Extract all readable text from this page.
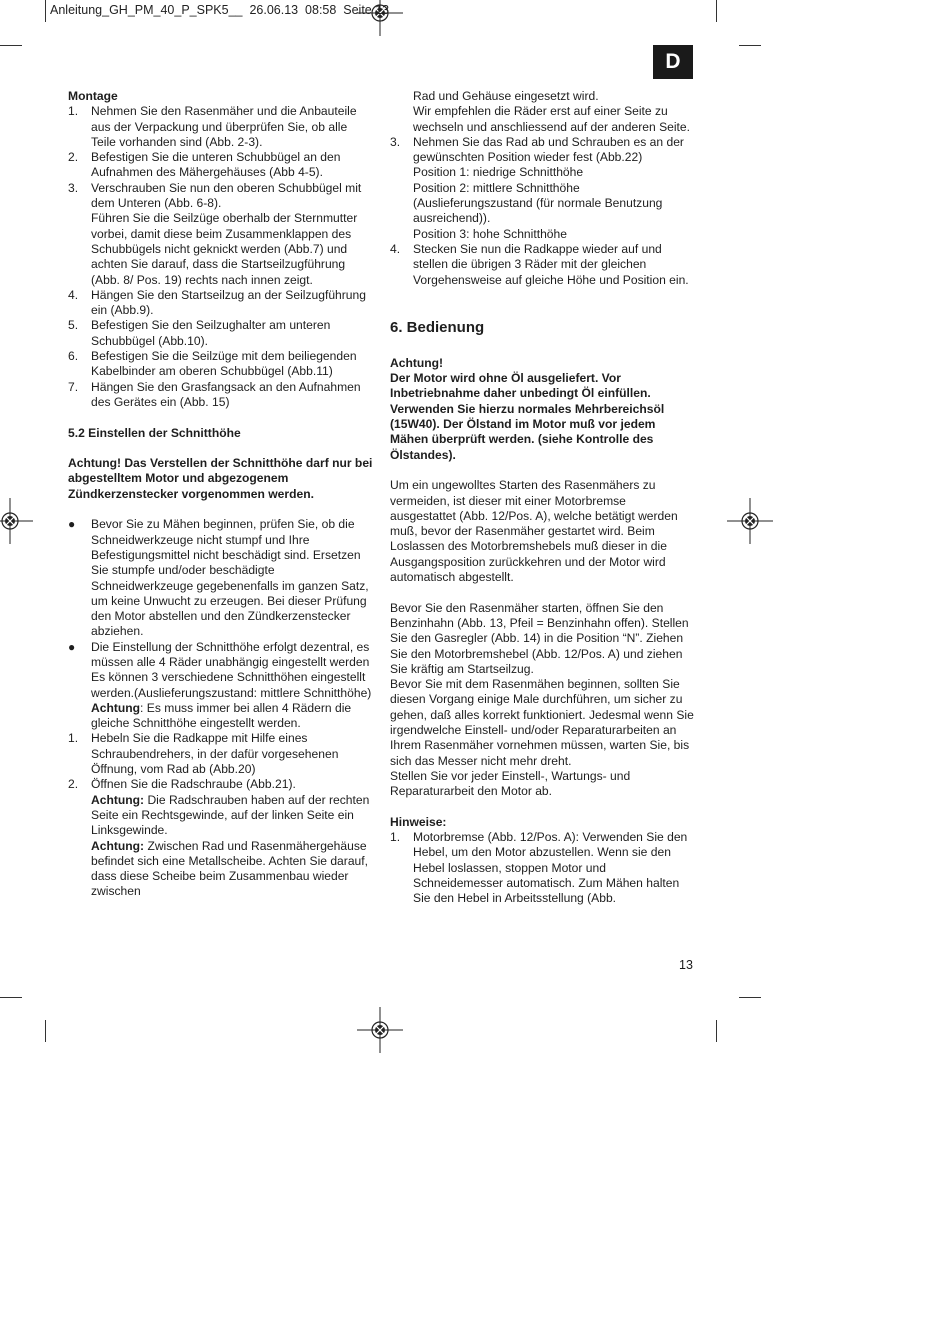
Anleitung_GH_PM_40_P_SPK5__  26.06.13  08:58  Seite 13
D

Montage

1.	Nehmen Sie den Rasenmäher und die Anbauteile aus der Verpackung und überprüfen Sie, ob alle Teile vorhanden sind (Abb. 2-3).
2.	Befestigen Sie die unteren Schubbügel an den Aufnahmen des Mähergehäuses (Abb 4-5).
3.	Verschrauben Sie nun den oberen Schubbügel mit dem Unteren (Abb. 6-8).
Führen Sie die Seilzüge oberhalb der Sternmutter vorbei, damit diese beim Zusammenklappen des Schubbügels nicht geknickt werden (Abb.7) und achten Sie darauf, dass die Startseilzugführung (Abb. 8/ Pos. 19) rechts nach innen zeigt.
4.	Hängen Sie den Startseilzug an der Seilzugführung ein (Abb.9).
5.	Befestigen Sie den Seilzughalter am unteren Schubbügel (Abb.10).
6.	Befestigen Sie die Seilzüge mit dem beiliegenden Kabelbinder am oberen Schubbügel (Abb.11)
7.	Hängen Sie den Grasfangsack an den Aufnahmen des Gerätes ein (Abb. 15)

5.2 Einstellen der Schnitthöhe

Achtung! Das Verstellen der Schnitthöhe darf nur bei abgestelltem Motor und abgezogenem Zündkerzenstecker vorgenommen werden.

●	Bevor Sie zu Mähen beginnen, prüfen Sie, ob die Schneidwerkzeuge nicht stumpf und Ihre Befestigungsmittel nicht beschädigt sind. Ersetzen Sie stumpfe und/oder beschädigte Schneidwerkzeuge gegebenenfalls im ganzen Satz, um keine Unwucht zu erzeugen. Bei dieser Prüfung den Motor abstellen und den Zündkerzenstecker abziehen.
●	Die Einstellung der Schnitthöhe erfolgt dezentral, es müssen alle 4 Räder unabhängig eingestellt werden Es können 3 verschiedene Schnitthöhen eingestellt werden.(Auslieferungszustand: mittlere Schnitthöhe)
Achtung: Es muss immer bei allen 4 Rädern die gleiche Schnitthöhe eingestellt werden.
1.	Hebeln Sie die Radkappe mit Hilfe eines Schraubendrehers, in der dafür vorgesehenen Öffnung, vom Rad ab (Abb.20)
2.	Öffnen Sie die Radschraube (Abb.21).
Achtung: Die Radschrauben haben auf der rechten Seite ein Rechtsgewinde, auf der linken Seite ein Linksgewinde.
Achtung: Zwischen Rad und Rasenmähergehäuse befindet sich eine Metallscheibe. Achten Sie darauf, dass diese Scheibe beim Zusammenbau wieder zwischen

Rad und Gehäuse eingesetzt wird.

Wir empfehlen die Räder erst auf einer Seite zu wechseln und anschliessend auf der anderen Seite.

3.	Nehmen Sie das Rad ab und Schrauben es an der gewünschten Position wieder fest (Abb.22)
Position 1: niedrige Schnitthöhe
Position 2: mittlere Schnitthöhe (Auslieferungszustand (für normale Benutzung ausreichend)).
Position 3: hohe Schnitthöhe
4.	Stecken Sie nun die Radkappe wieder auf und stellen die übrigen 3 Räder mit der gleichen Vorgehensweise auf gleiche Höhe und Position ein.

6. Bedienung

Achtung!

Der Motor wird ohne Öl ausgeliefert. Vor Inbetriebnahme daher unbedingt Öl einfüllen. Verwenden Sie hierzu normales Mehrbereichsöl (15W40). Der Ölstand im Motor muß vor jedem Mähen überprüft werden. (siehe Kontrolle des Ölstandes).

Um ein ungewolltes Starten des Rasenmähers zu vermeiden, ist dieser mit einer Motorbremse ausgestattet (Abb. 12/Pos. A), welche betätigt werden muß, bevor der Rasenmäher gestartet wird. Beim Loslassen des Motorbremshebels muß dieser in die Ausgangsposition zurückkehren und der Motor wird automatisch abgestellt.

Bevor Sie den Rasenmäher starten, öffnen Sie den Benzinhahn (Abb. 13, Pfeil = Benzinhahn offen). Stellen Sie den Gasregler (Abb. 14) in die Position “N”. Ziehen Sie den Motorbremshebel (Abb. 12/Pos. A) und ziehen Sie kräftig am Startseilzug.
Bevor Sie mit dem Rasenmähen beginnen, sollten Sie diesen Vorgang einige Male durchführen, um sicher zu gehen, daß alles korrekt funktioniert. Jedesmal wenn Sie irgendwelche Einstell- und/oder Reparaturarbeiten an Ihrem Rasenmäher vornehmen müssen, warten Sie, bis sich das Messer nicht mehr dreht.
Stellen Sie vor jeder Einstell-, Wartungs- und Reparaturarbeit den Motor ab.

Hinweise:

1.	Motorbremse (Abb. 12/Pos. A): Verwenden Sie den Hebel, um den Motor abzustellen. Wenn sie den Hebel loslassen, stoppen Motor und Schneidemesser automatisch. Zum Mähen halten Sie den Hebel in Arbeitsstellung (Abb.
13
